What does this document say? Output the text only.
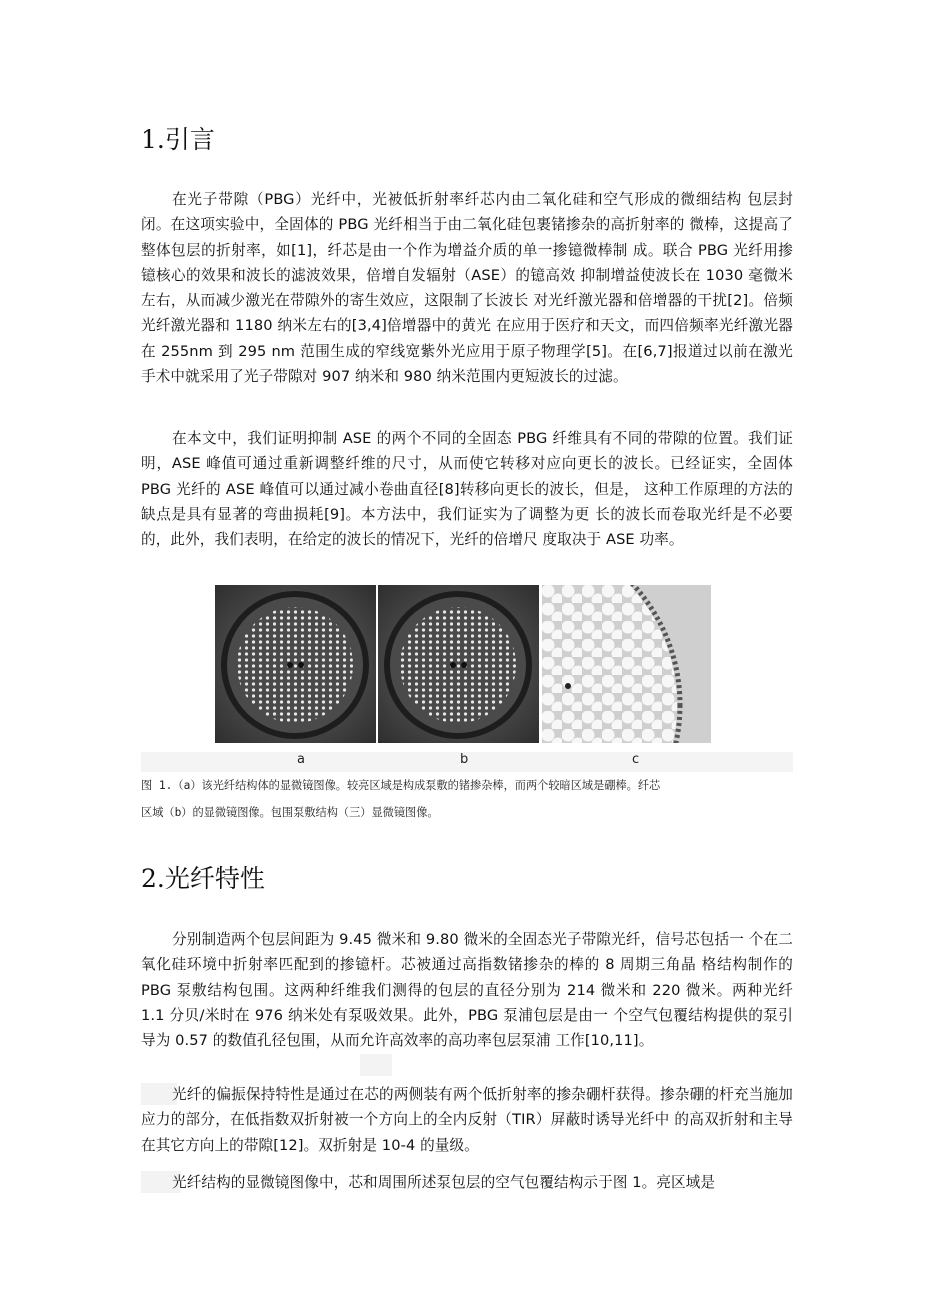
1.引言

在光子带隙（PBG）光纤中，光被低折射率纤芯内由二氧化硅和空气形成的微细结构 包层封闭。在这项实验中，全固体的 PBG 光纤相当于由二氧化硅包裹锗掺杂的高折射率的 微棒，这提高了整体包层的折射率，如[1]，纤芯是由一个作为增益介质的单一掺镱微棒制 成。联合 PBG 光纤用掺镱核心的效果和波长的滤波效果，倍增自发辐射（ASE）的镱高效 抑制增益使波长在 1030 毫微米左右，从而减少激光在带隙外的寄生效应，这限制了长波长 对光纤激光器和倍增器的干扰[2]。倍频光纤激光器和 1180 纳米左右的[3,4]倍增器中的黄光 在应用于医疗和天文，而四倍频率光纤激光器在 255nm 到 295 nm 范围生成的窄线宽紫外光应用于原子物理学[5]。在[6,7]报道过以前在激光手术中就采用了光子带隙对 907 纳米和 980 纳米范围内更短波长的过滤。

在本文中，我们证明抑制 ASE 的两个不同的全固态 PBG 纤维具有不同的带隙的位置。我们证明，ASE 峰值可通过重新调整纤维的尺寸，从而使它转移对应向更长的波长。已经证实，全固体 PBG 光纤的 ASE 峰值可以通过减小卷曲直径[8]转移向更长的波长，但是， 这种工作原理的方法的缺点是具有显著的弯曲损耗[9]。本方法中，我们证实为了调整为更 长的波长而卷取光纤是不必要的，此外，我们表明，在给定的波长的情况下，光纤的倍增尺 度取决于 ASE 功率。

a	b	c

图 1.（a）该光纤结构体的显微镜图像。较亮区域是构成泵敷的锗掺杂棒，而两个较暗区域是硼棒。纤芯

区域（b）的显微镜图像。包围泵敷结构（三）显微镜图像。

2.光纤特性

分别制造两个包层间距为 9.45 微米和 9.80 微米的全固态光子带隙光纤，信号芯包括一 个在二氧化硅环境中折射率匹配到的掺镱杆。芯被通过高指数锗掺杂的棒的 8 周期三角晶 格结构制作的 PBG 泵敷结构包围。这两种纤维我们测得的包层的直径分别为 214 微米和 220 微米。两种光纤 1.1 分贝/米时在 976 纳米处有泵吸效果。此外，PBG 泵浦包层是由一 个空气包覆结构提供的泵引导为 0.57 的数值孔径包围，从而允许高效率的高功率包层泵浦 工作[10,11]。

光纤的偏振保持特性是通过在芯的两侧装有两个低折射率的掺杂硼杆获得。掺杂硼的杆充当施加应力的部分，在低指数双折射被一个方向上的全内反射（TIR）屏蔽时诱导光纤中 的高双折射和主导在其它方向上的带隙[12]。双折射是 10-4 的量级。

光纤结构的显微镜图像中，芯和周围所述泵包层的空气包覆结构示于图 1。亮区域是
